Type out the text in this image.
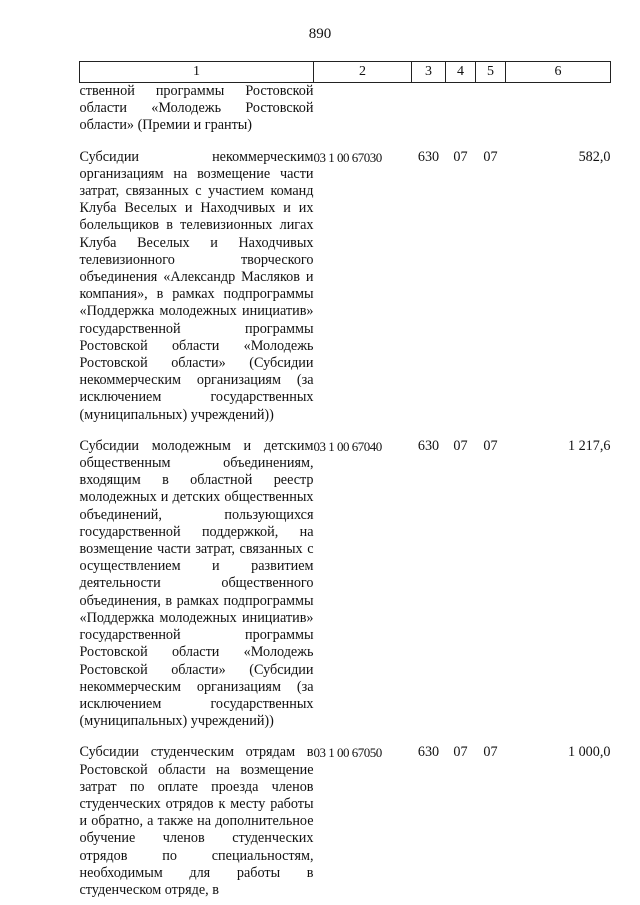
890
1	2	3	4	5	6
ственной программы Ростовской области «Молодежь Ростовской области» (Премии и гранты)					
Субсидии некоммерческим организациям на возмещение части затрат, связанных с участием команд Клуба Веселых и Находчивых и их болельщиков в телевизионных лигах Клуба Веселых и Находчивых телевизионного творческого объединения «Александр Масляков и компания», в рамках подпрограммы «Поддержка молодежных инициатив» государственной программы Ростовской области «Молодежь Ростовской области» (Субсидии некоммерческим организациям (за исключением государственных (муниципальных) учреждений))	03 1 00 67030	630	07	07	582,0
Субсидии молодежным и детским общественным объединениям, входящим в областной реестр молодежных и детских общественных объединений, пользующихся государственной поддержкой, на возмещение части затрат, связанных с осуществлением и развитием деятельности общественного объединения, в рамках подпрограммы «Поддержка молодежных инициатив» государственной программы Ростовской области «Молодежь Ростовской области» (Субсидии некоммерческим организациям (за исключением государственных (муниципальных) учреждений))	03 1 00 67040	630	07	07	1 217,6
Субсидии студенческим отрядам в Ростовской области на возмещение затрат по оплате проезда членов студенческих отрядов к месту работы и обратно, а также на дополнительное обучение членов студенческих отрядов по специальностям, необходимым для работы в студенческом отряде, в	03 1 00 67050	630	07	07	1 000,0
